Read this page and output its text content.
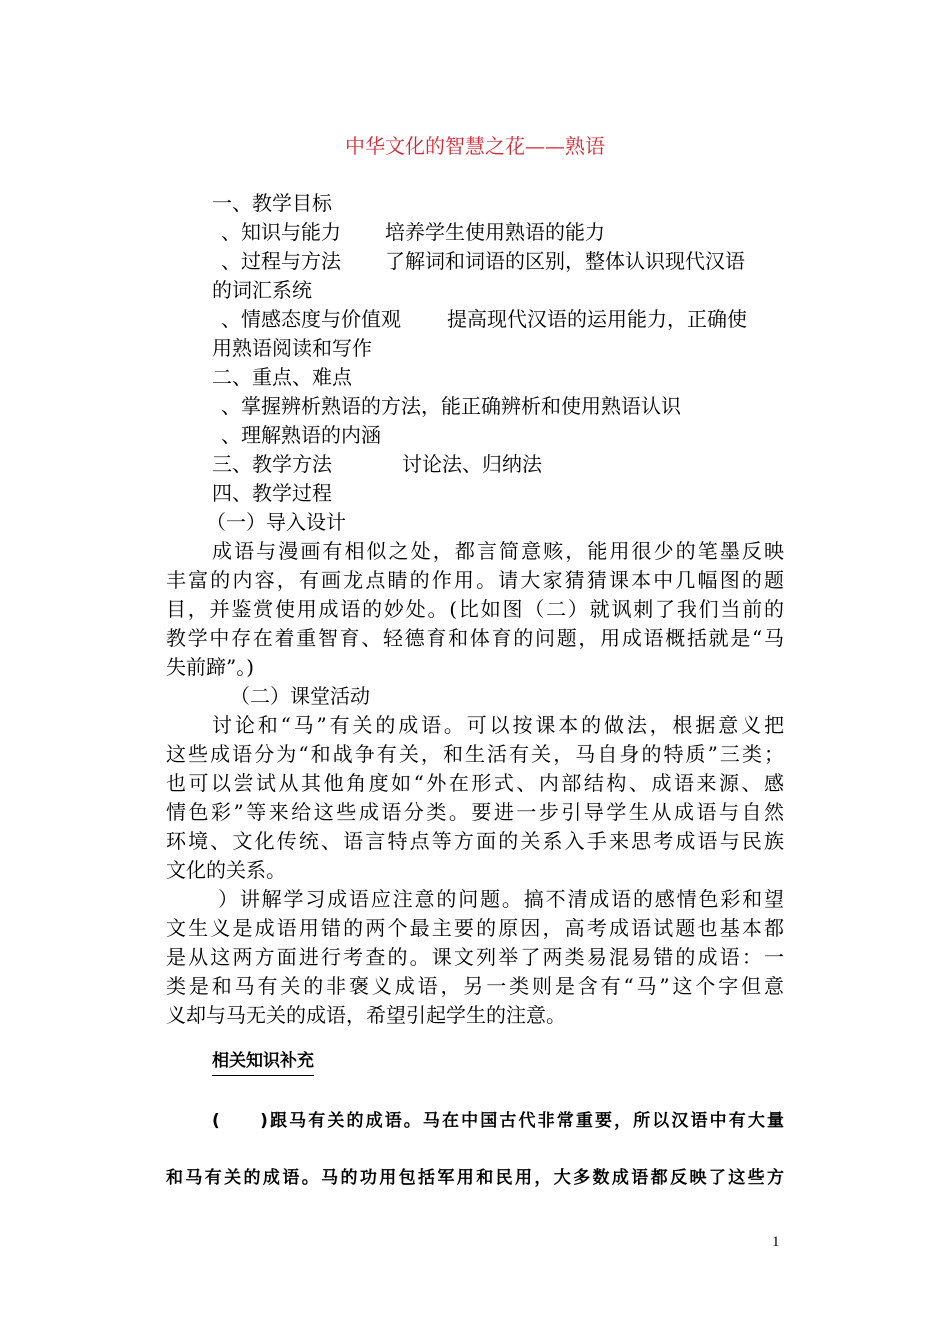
中华文化的智慧之花——熟语
一、教学目标
、知识与能力 培养学生使用熟语的能力
、过程与方法 了解词和词语的区别，整体认识现代汉语
的词汇系统
、情感态度与价值观 提高现代汉语的运用能力，正确使
用熟语阅读和写作
二、重点、难点
、掌握辨析熟语的方法，能正确辨析和使用熟语认识
、理解熟语的内涵
三、教学方法	讨论法、归纳法
四、教学过程
（一）导入设计
成语与漫画有相似之处，都言简意赅，能用很少的笔墨反映
丰富的内容，有画龙点睛的作用。请大家猜猜课本中几幅图的题
目，并鉴赏使用成语的妙处。(比如图（二）就讽刺了我们当前的
教学中存在着重智育、轻德育和体育的问题，用成语概括就是“马
失前蹄”。)
（二）课堂活动
讨论和“马”有关的成语。可以按课本的做法，根据意义把
这些成语分为“和战争有关，和生活有关，马自身的特质”三类；
也可以尝试从其他角度如“外在形式、内部结构、成语来源、感
情色彩”等来给这些成语分类。要进一步引导学生从成语与自然
环境、文化传统、语言特点等方面的关系入手来思考成语与民族
文化的关系。
）讲解学习成语应注意的问题。搞不清成语的感情色彩和望
文生义是成语用错的两个最主要的原因，高考成语试题也基本都
是从这两方面进行考查的。课文列举了两类易混易错的成语：一
类是和马有关的非褒义成语，另一类则是含有“马”这个字但意
义却与马无关的成语，希望引起学生的注意。
相关知识补充
(　　)跟马有关的成语。马在中国古代非常重要，所以汉语中有大量
和马有关的成语。马的功用包括军用和民用，大多数成语都反映了这些方
1
